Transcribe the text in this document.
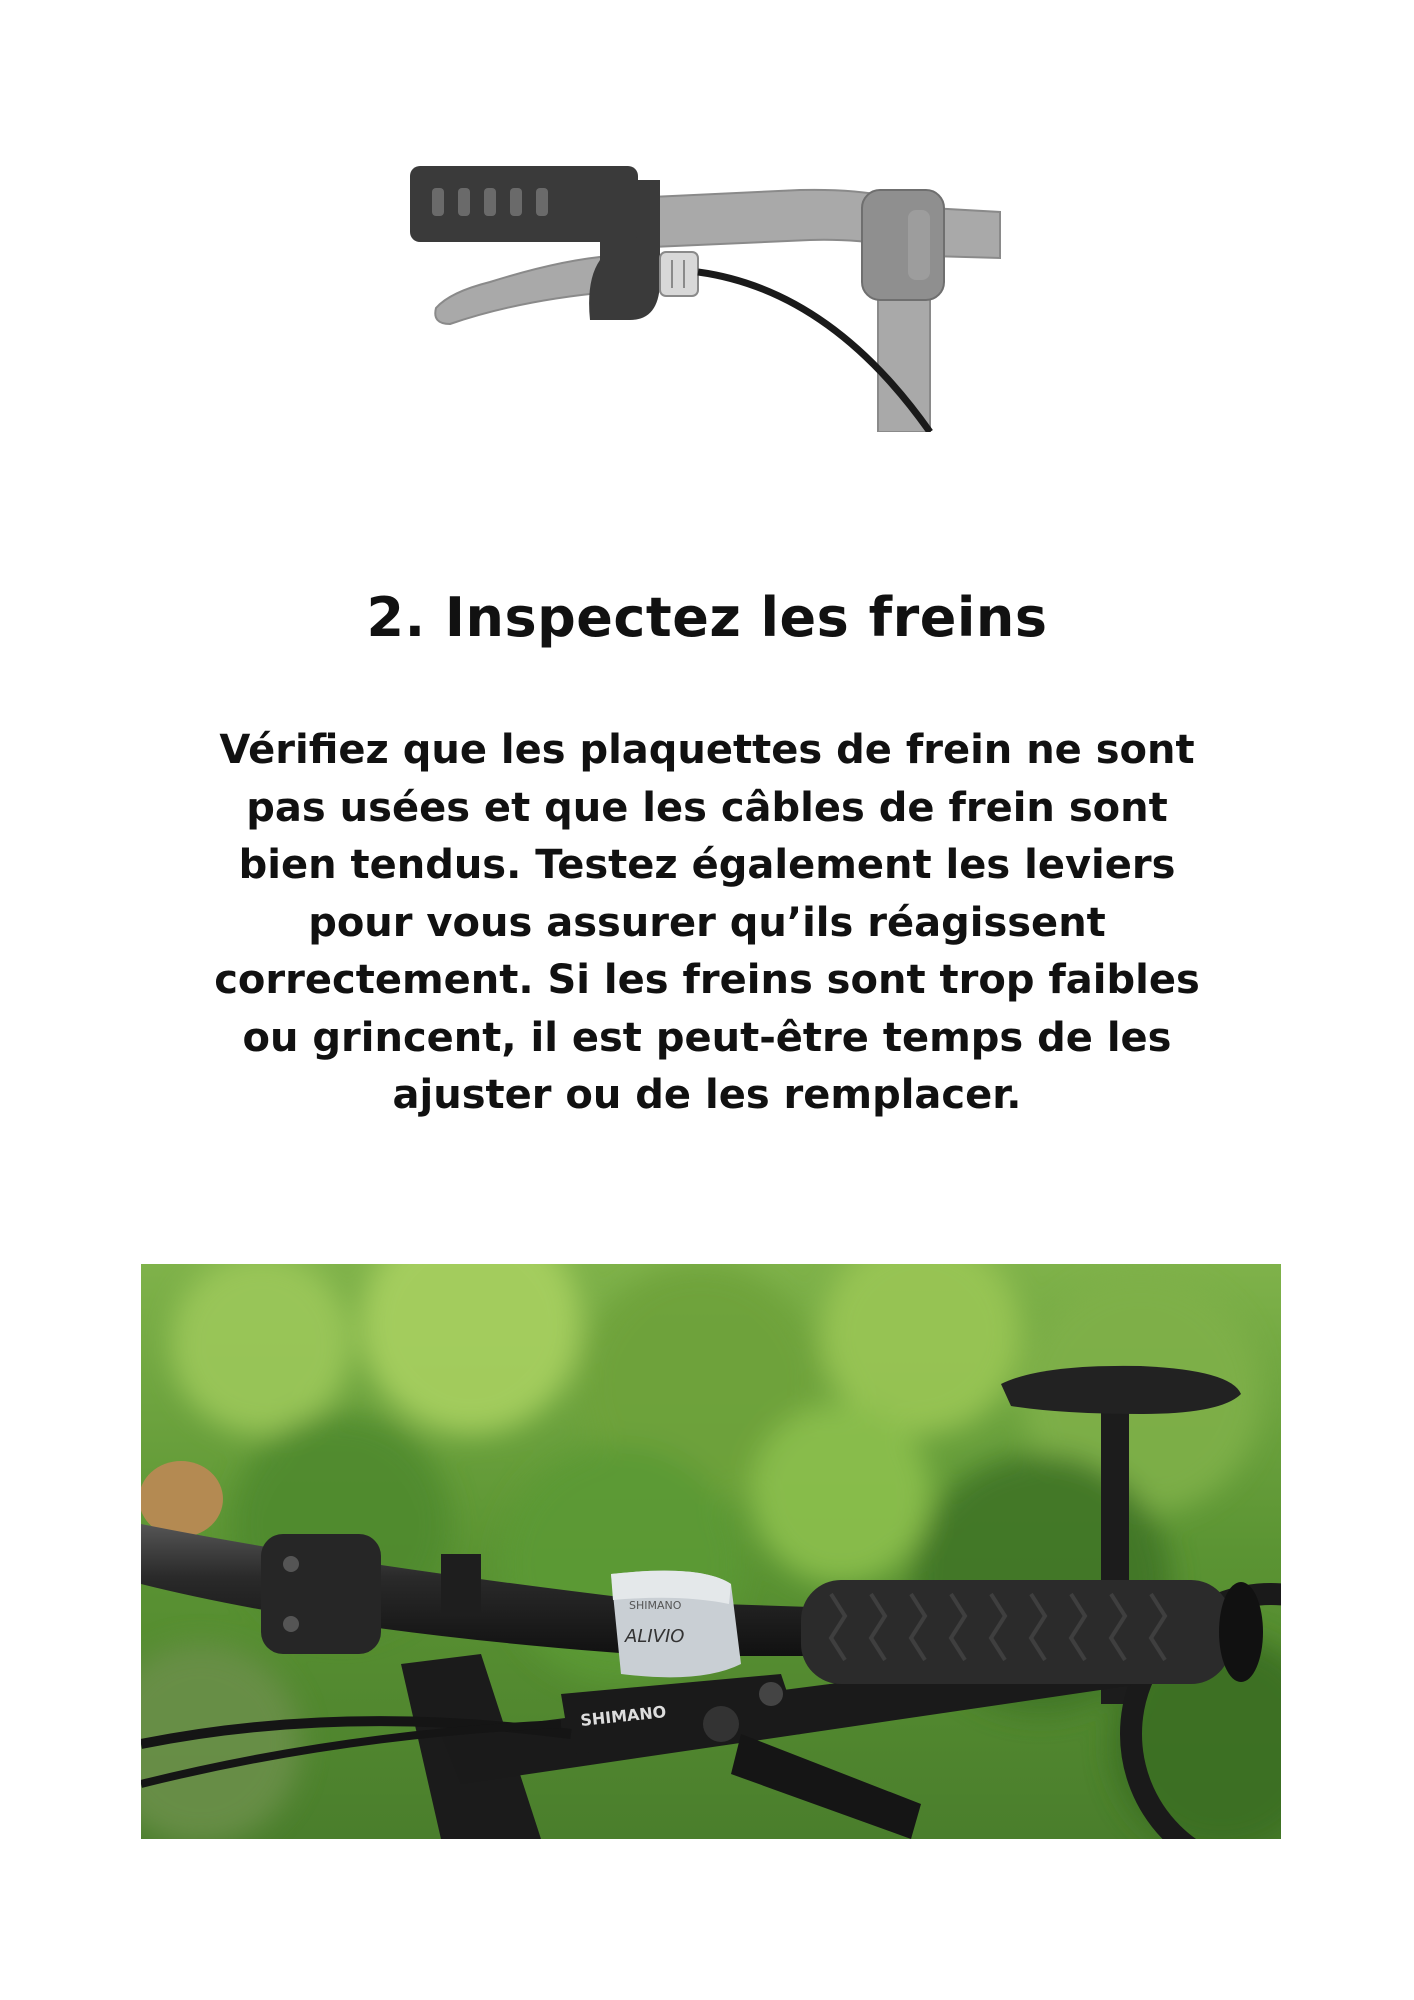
2. Inspectez les freins

Vérifiez que les plaquettes de frein ne sont pas usées et que les câbles de frein sont bien tendus. Testez également les leviers pour vous assurer qu’ils réagissent correctement. Si les freins sont trop faibles ou grincent, il est peut-être temps de les ajuster ou de les remplacer.

SHIMANO
ALIVIO
SHIMANO
